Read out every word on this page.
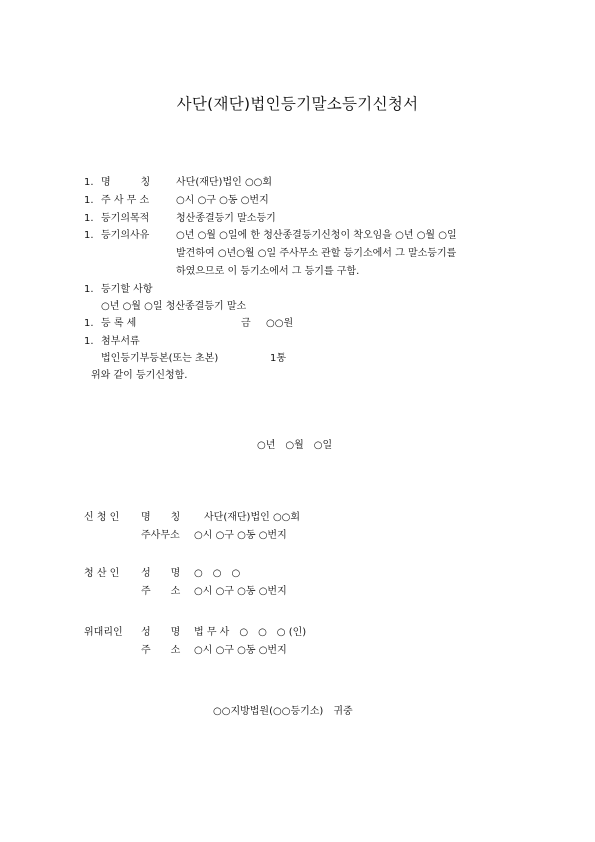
사단(재단)법인등기말소등기신청서
1. 명　　　칭	사단(재단)법인 ○○회
1. 주 사 무 소	○시 ○구 ○동 ○번지
1. 등기의목적	청산종결등기 말소등기
1. 등기의사유	○년 ○월 ○일에 한 청산종결등기신청이 착오임을 ○년 ○월 ○일
발견하여 ○년○월 ○일 주사무소 관할 등기소에서 그 말소등기를
하였으므로 이 등기소에서 그 등기를 구함.
1. 등기할 사항
○년 ○월 ○일 청산종결등기 말소
1. 등 록 세	금 ○○원
1. 첨부서류
법인등기부등본(또는 초본)	1통
위와 같이 등기신청함.
○년　○월　○일
신 청 인 명　　칭 사단(재단)법인 ○○회
주사무소 ○시 ○구 ○동 ○번지
청 산 인 성　　명 ○　○　○
주　　소 ○시 ○구 ○동 ○번지
위대리인 성　　명 법 무 사　○　○　○ (인)
주　　소 ○시 ○구 ○동 ○번지
○○지방법원(○○등기소)　귀중
